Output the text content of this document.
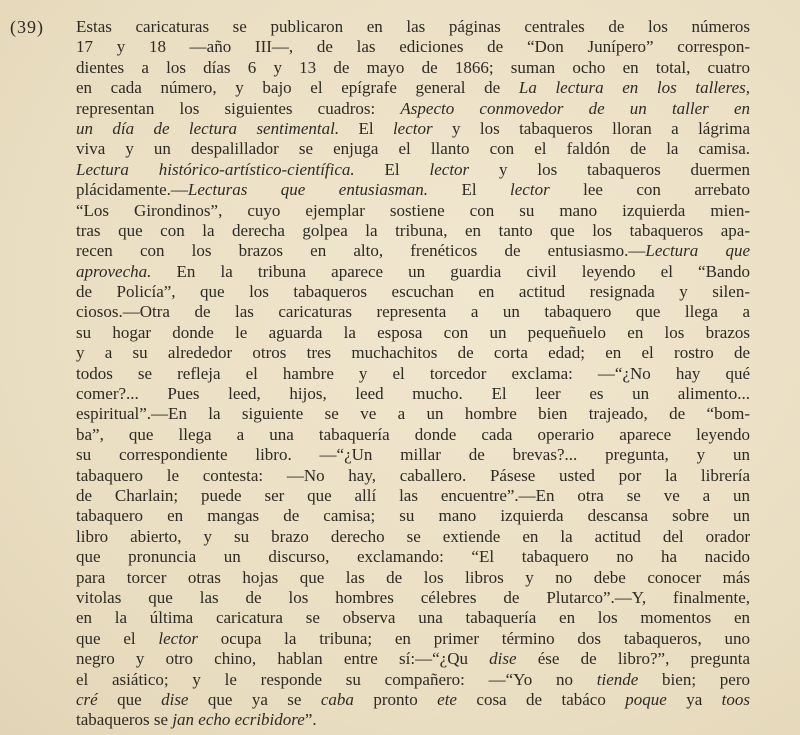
(39) Estas caricaturas se publicaron en las páginas centrales de los números
17 y 18 —año III—, de las ediciones de “Don Junípero” correspon-
dientes a los días 6 y 13 de mayo de 1866; suman ocho en total, cuatro
en cada número, y bajo el epígrafe general de La lectura en los talleres,
representan los siguientes cuadros: Aspecto conmovedor de un taller en
un día de lectura sentimental. El lector y los tabaqueros lloran a lágrima
viva y un despalillador se enjuga el llanto con el faldón de la camisa.
Lectura histórico-artístico-científica. El lector y los tabaqueros duermen
plácidamente.—Lecturas que entusiasman. El lector lee con arrebato
“Los Girondinos”, cuyo ejemplar sostiene con su mano izquierda mien-
tras que con la derecha golpea la tribuna, en tanto que los tabaqueros apa-
recen con los brazos en alto, frenéticos de entusiasmo.—Lectura que
aprovecha. En la tribuna aparece un guardia civil leyendo el “Bando
de Policía”, que los tabaqueros escuchan en actitud resignada y silen-
ciosos.—Otra de las caricaturas representa a un tabaquero que llega a
su hogar donde le aguarda la esposa con un pequeñuelo en los brazos
y a su alrededor otros tres muchachitos de corta edad; en el rostro de
todos se refleja el hambre y el torcedor exclama: —“¿No hay qué
comer?... Pues leed, hijos, leed mucho. El leer es un alimento...
espiritual”.—En la siguiente se ve a un hombre bien trajeado, de “bom-
ba”, que llega a una tabaquería donde cada operario aparece leyendo
su correspondiente libro. —“¿Un millar de brevas?... pregunta, y un
tabaquero le contesta: —No hay, caballero. Pásese usted por la librería
de Charlain; puede ser que allí las encuentre”.—En otra se ve a un
tabaquero en mangas de camisa; su mano izquierda descansa sobre un
libro abierto, y su brazo derecho se extiende en la actitud del orador
que pronuncia un discurso, exclamando: “El tabaquero no ha nacido
para torcer otras hojas que las de los libros y no debe conocer más
vitolas que las de los hombres célebres de Plutarco”.—Y, finalmente,
en la última caricatura se observa una tabaquería en los momentos en
que el lector ocupa la tribuna; en primer término dos tabaqueros, uno
negro y otro chino, hablan entre sí:—“¿Qu dise ése de libro?”, pregunta
el asiático; y le responde su compañero: —“Yo no tiende bien; pero
cré que dise que ya se caba pronto ete cosa de tabáco poque ya toos
tabaqueros se jan echo ecribidore”.
